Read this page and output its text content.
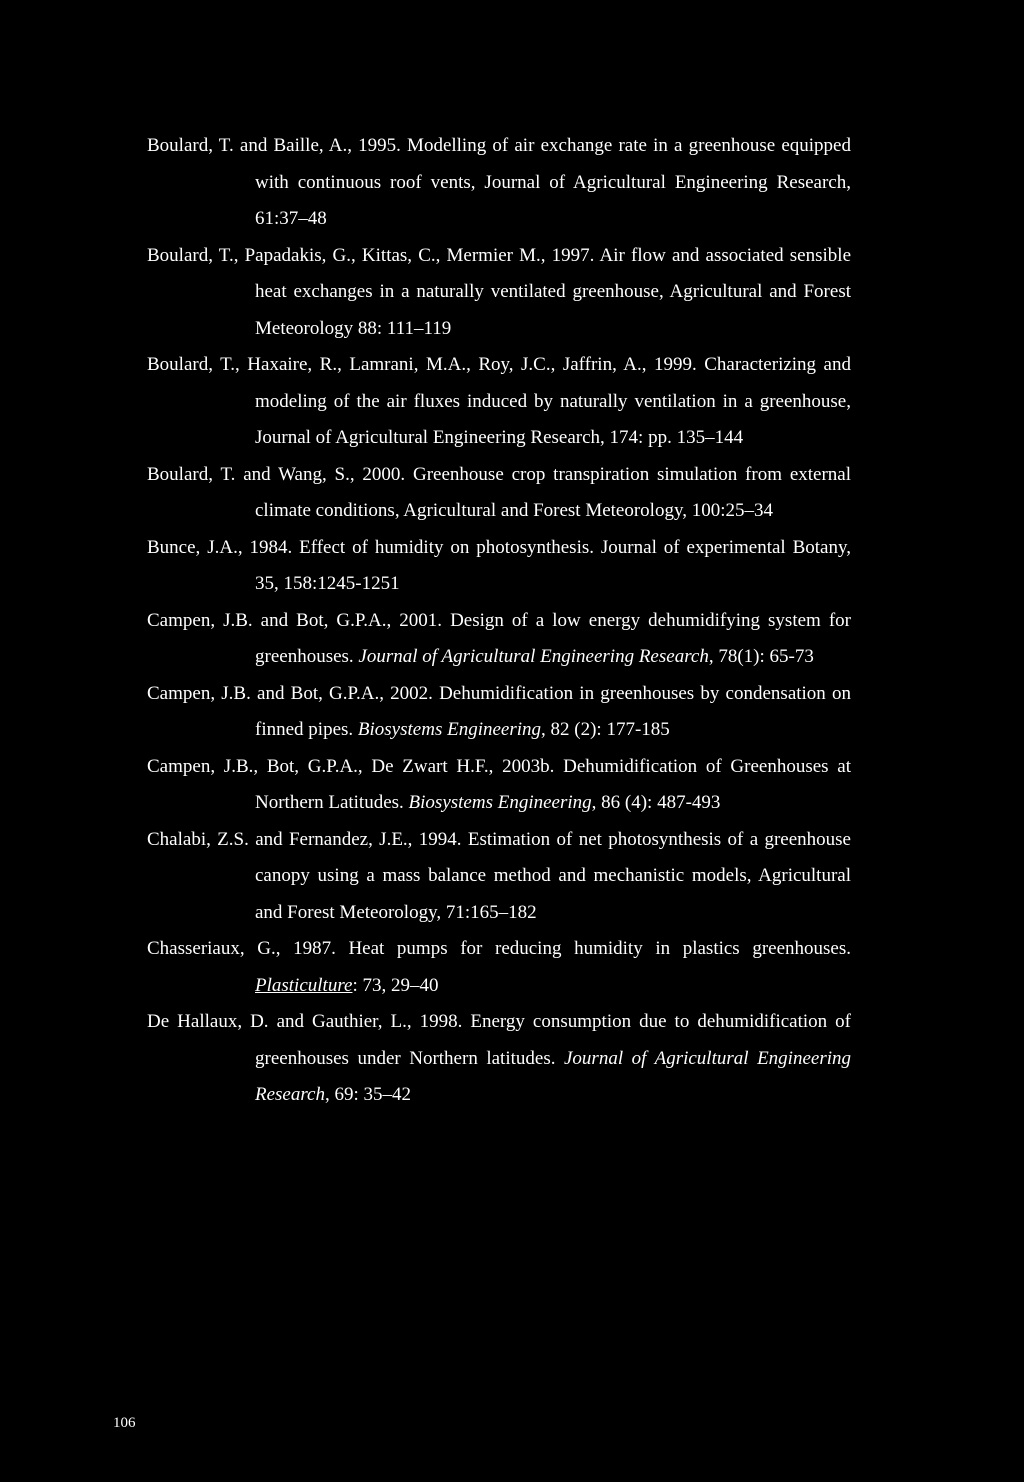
Boulard, T. and Baille, A., 1995. Modelling of air exchange rate in a greenhouse equipped with continuous roof vents, Journal of Agricultural Engineering Research, 61:37–48

Boulard, T., Papadakis, G., Kittas, C., Mermier M., 1997. Air flow and associated sensible heat exchanges in a naturally ventilated greenhouse, Agricultural and Forest Meteorology 88: 111–119

Boulard, T., Haxaire, R., Lamrani, M.A., Roy, J.C., Jaffrin, A., 1999. Characterizing and modeling of the air fluxes induced by naturally ventilation in a greenhouse, Journal of Agricultural Engineering Research, 174: pp. 135–144

Boulard, T. and Wang, S., 2000. Greenhouse crop transpiration simulation from external climate conditions, Agricultural and Forest Meteorology, 100:25–34

Bunce, J.A., 1984. Effect of humidity on photosynthesis. Journal of experimental Botany, 35, 158:1245-1251

Campen, J.B. and Bot, G.P.A., 2001. Design of a low energy dehumidifying system for greenhouses. Journal of Agricultural Engineering Research, 78(1): 65-73

Campen, J.B. and Bot, G.P.A., 2002. Dehumidification in greenhouses by condensation on finned pipes. Biosystems Engineering, 82 (2): 177-185

Campen, J.B., Bot, G.P.A., De Zwart H.F., 2003b. Dehumidification of Greenhouses at Northern Latitudes. Biosystems Engineering, 86 (4): 487-493

Chalabi, Z.S. and Fernandez, J.E., 1994. Estimation of net photosynthesis of a greenhouse canopy using a mass balance method and mechanistic models, Agricultural and Forest Meteorology, 71:165–182

Chasseriaux, G., 1987. Heat pumps for reducing humidity in plastics greenhouses. Plasticulture: 73, 29–40

De Hallaux, D. and Gauthier, L., 1998. Energy consumption due to dehumidification of greenhouses under Northern latitudes. Journal of Agricultural Engineering Research, 69: 35–42

106
